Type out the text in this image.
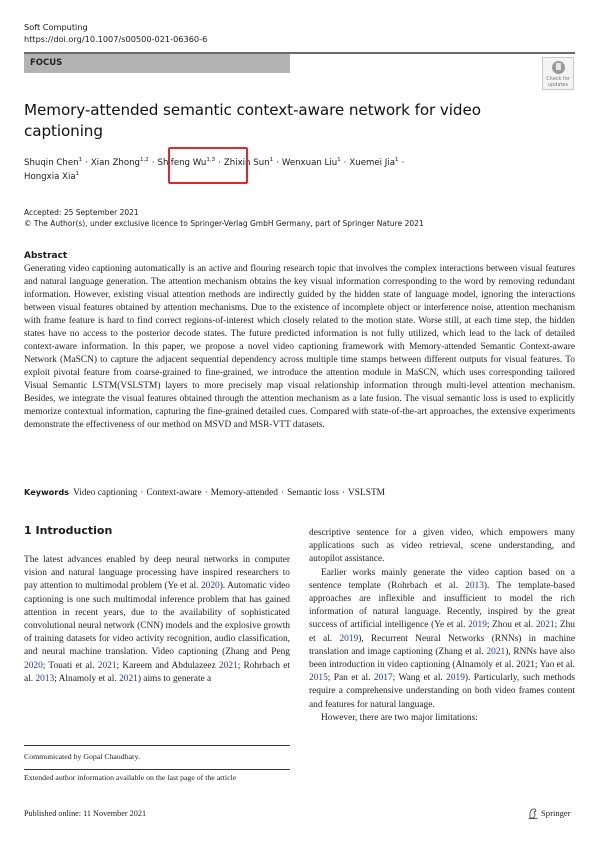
Soft Computing
https://doi.org/10.1007/s00500-021-06360-6
FOCUS
Check for
updates
Memory-attended semantic context-aware network for video captioning
Shuqin Chen$^1$ · Xian Zhong$^{1,2}$ · Shifeng Wu$^{1,3}$ · Zhixin Sun$^1$ · Wenxuan Liu$^1$ · Xuemei Jia$^1$ ·
Hongxia Xia$^1$
Accepted: 25 September 2021
© The Author(s), under exclusive licence to Springer-Verlag GmbH Germany, part of Springer Nature 2021
Abstract
Generating video captioning automatically is an active and flouring research topic that involves the complex interactions between visual features and natural language generation. The attention mechanism obtains the key visual information corresponding to the word by removing redundant information. However, existing visual attention methods are indirectly guided by the hidden state of language model, ignoring the interactions between visual features obtained by attention mechanisms. Due to the existence of incomplete object or interference noise, attention mechanism with frame feature is hard to find correct regions-of-interest which closely related to the motion state. Worse still, at each time step, the hidden states have no access to the posterior decode states. The future predicted information is not fully utilized, which lead to the lack of detailed context-aware information. In this paper, we propose a novel video captioning framework with Memory-attended Semantic Context-aware Network (MaSCN) to capture the adjacent sequential dependency across multiple time stamps between different outputs for visual features. To exploit pivotal feature from coarse-grained to fine-grained, we introduce the attention module in MaSCN, which uses corresponding tailored Visual Semantic LSTM(VSLSTM) layers to more precisely map visual relationship information through multi-level attention mechanism. Besides, we integrate the visual features obtained through the attention mechanism as a late fusion. The visual semantic loss is used to explicitly memorize contextual information, capturing the fine-grained detailed cues. Compared with state-of-the-art approaches, the extensive experiments demonstrate the effectiveness of our method on MSVD and MSR-VTT datasets.
Keywords Video captioning · Context-aware · Memory-attended · Semantic loss · VSLSTM
1 Introduction
The latest advances enabled by deep neural networks in computer vision and natural language processing have inspired researchers to pay attention to multimodal problem (Ye et al. 2020). Automatic video captioning is one such multimodal inference problem that has gained attention in recent years, due to the availability of sophisticated convolutional neural network (CNN) models and the explosive growth of training datasets for video activity recognition, audio classification, and neural machine translation. Video captioning (Zhang and Peng 2020; Touati et al. 2021; Kareem and Abdulazeez 2021; Rohrbach et al. 2013; Alnamoly et al. 2021) aims to generate a

descriptive sentence for a given video, which empowers many applications such as video retrieval, scene understanding, and autopilot assistance.

Earlier works mainly generate the video caption based on a sentence template (Rohrbach et al. 2013). The template-based approaches are inflexible and insufficient to model the rich information of natural language. Recently, inspired by the great success of artificial intelligence (Ye et al. 2019; Zhou et al. 2021; Zhu et al. 2019), Recurrent Neural Networks (RNNs) in machine translation and image captioning (Zhang et al. 2021), RNNs have also been introduction in video captioning (Alnamoly et al. 2021; Yao et al. 2015; Pan et al. 2017; Wang et al. 2019). Particularly, such methods require a comprehensive understanding on both video frames content and features for natural language.

However, there are two major limitations:

Communicated by Gopal Chaudhary.
Extended author information available on the last page of the article
Published online: 11 November 2021	Springer
